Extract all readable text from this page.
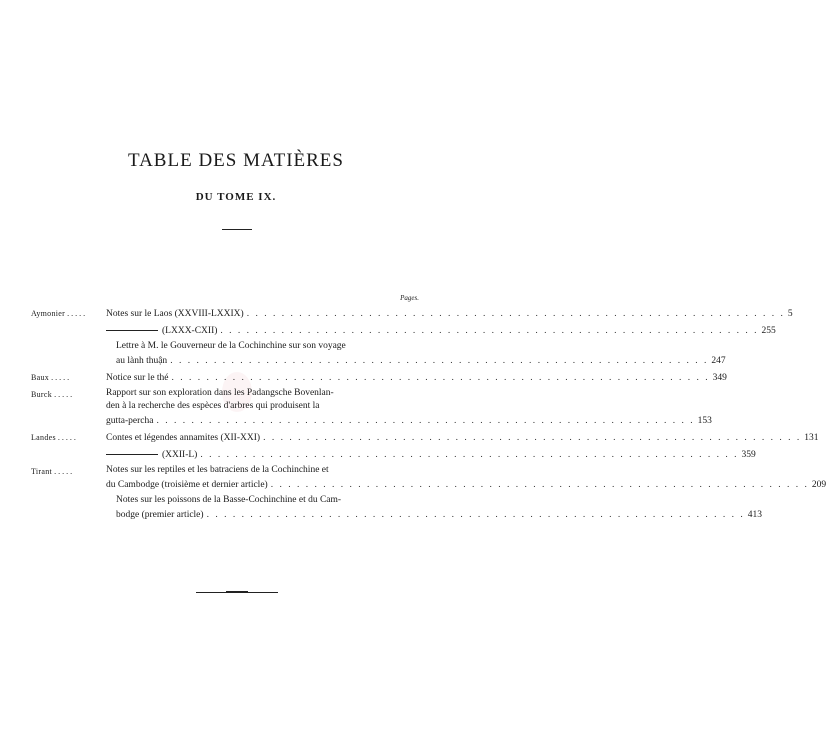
TABLE DES MATIÈRES
DU TOME IX.
Pages.
Aymonier . . . . .	Notes sur le Laos (XXVIII-LXXIX) . . . . . . . . . . . . . . . . . . . . . . . . . . . . . . . . . . . . . . . . . . . . . . . . . . . . . . . . . . . . . . 5
(LXXX-CXII) . . . . . . . . . . . . . . . . . . . . . . . . . . . . . . . . . . . . . . . . . . . . . . . . . . . . . . . . . . . . . . 255
Lettre à M. le Gouverneur de la Cochinchine sur son voyage
au lành thuận . . . . . . . . . . . . . . . . . . . . . . . . . . . . . . . . . . . . . . . . . . . . . . . . . . . . . . . . . . . . . . 247
Baux . . . . .	Notice sur le thé . . . . . . . . . . . . . . . . . . . . . . . . . . . . . . . . . . . . . . . . . . . . . . . . . . . . . . . . . . . . . . 349
Burck . . . . .	Rapport sur son exploration dans les Padangsche Bovenlan-
den à la recherche des espèces d'arbres qui produisent la
gutta-percha . . . . . . . . . . . . . . . . . . . . . . . . . . . . . . . . . . . . . . . . . . . . . . . . . . . . . . . . . . . . . . 153
Landes . . . . .	Contes et légendes annamites (XII-XXI) . . . . . . . . . . . . . . . . . . . . . . . . . . . . . . . . . . . . . . . . . . . . . . . . . . . . . . . . . . . . . . 131
(XXII-L) . . . . . . . . . . . . . . . . . . . . . . . . . . . . . . . . . . . . . . . . . . . . . . . . . . . . . . . . . . . . . . 359
Tirant . . . . .	Notes sur les reptiles et les batraciens de la Cochinchine et
du Cambodge (troisième et dernier article) . . . . . . . . . . . . . . . . . . . . . . . . . . . . . . . . . . . . . . . . . . . . . . . . . . . . . . . . . . . . . . 209
Notes sur les poissons de la Basse-Cochinchine et du Cam-
bodge (premier article) . . . . . . . . . . . . . . . . . . . . . . . . . . . . . . . . . . . . . . . . . . . . . . . . . . . . . . . . . . . . . . 413
